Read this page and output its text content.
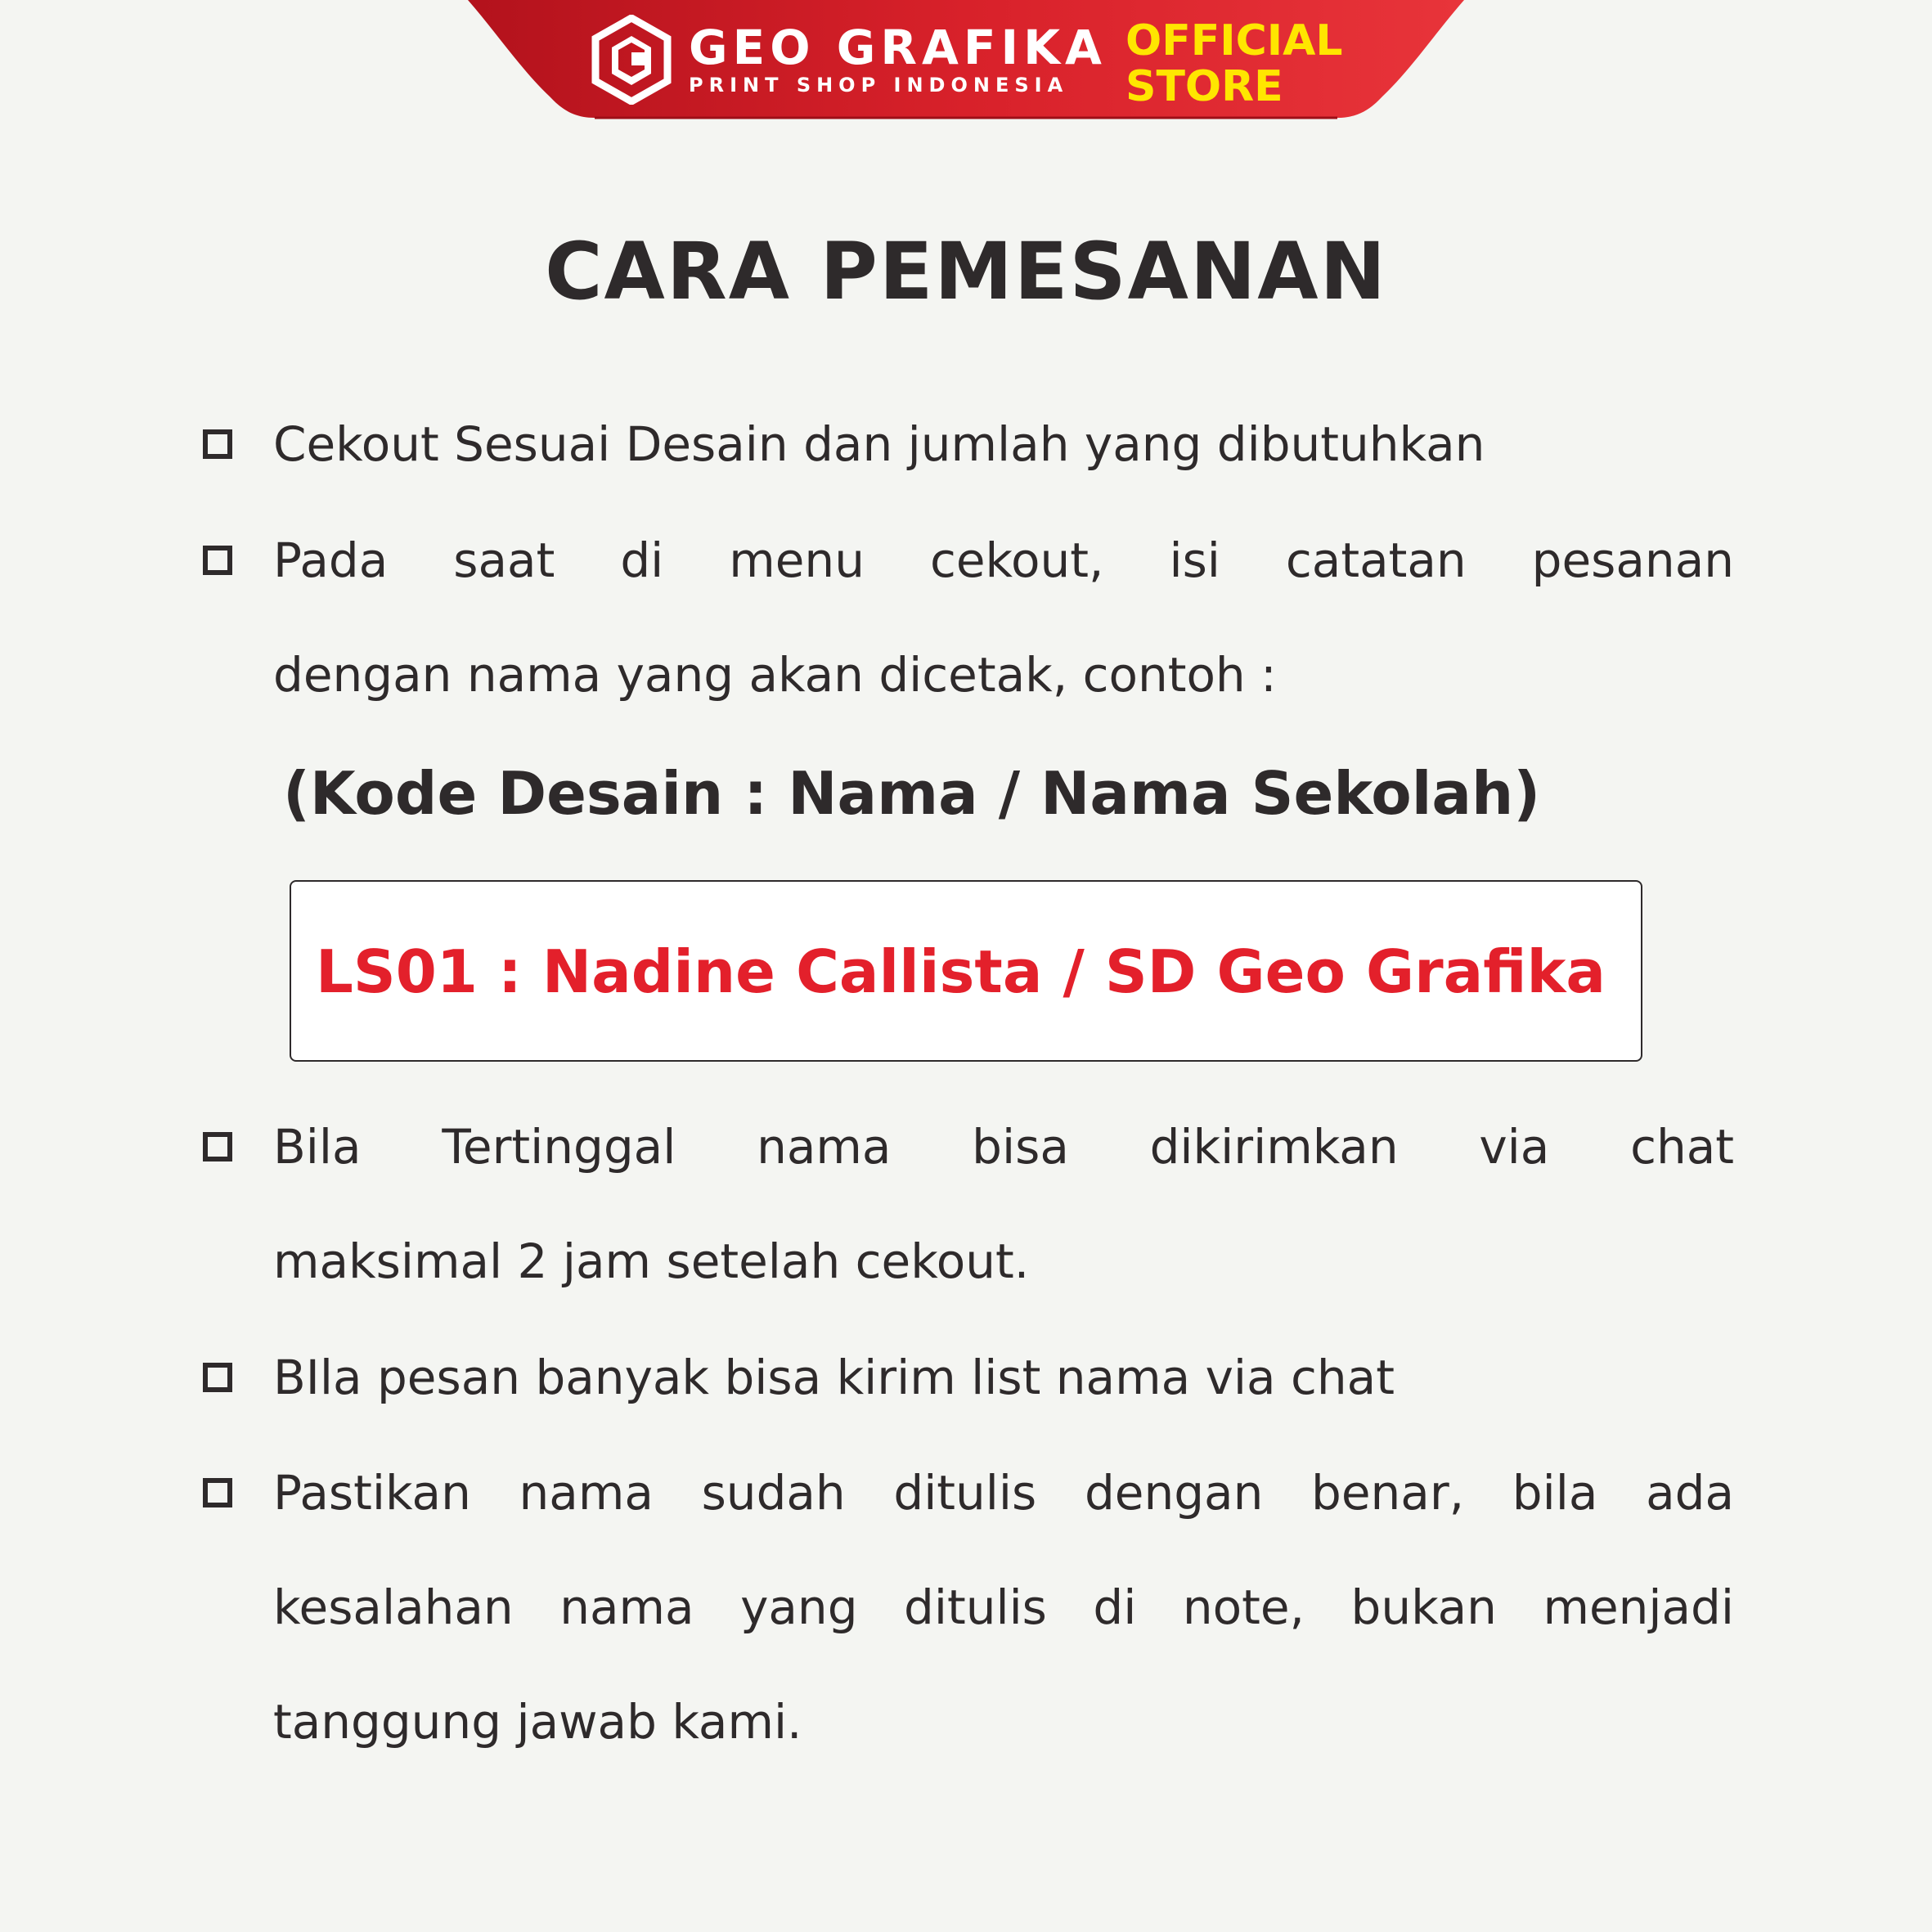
GEO GRAFIKA
PRINT SHOP INDONESIA
OFFICIAL
STORE
CARA PEMESANAN
Cekout Sesuai Desain dan jumlah yang dibutuhkan
Pada saat di menu cekout, isi catatan pesanan
dengan nama yang akan dicetak, contoh :
(Kode Desain : Nama / Nama Sekolah)
LS01 : Nadine Callista / SD Geo Grafika
Bila Tertinggal nama bisa dikirimkan via chat
maksimal 2 jam setelah cekout.
BIla pesan banyak bisa kirim list nama via chat
Pastikan nama sudah ditulis dengan benar, bila ada
kesalahan nama yang ditulis di note, bukan menjadi
tanggung jawab kami.
